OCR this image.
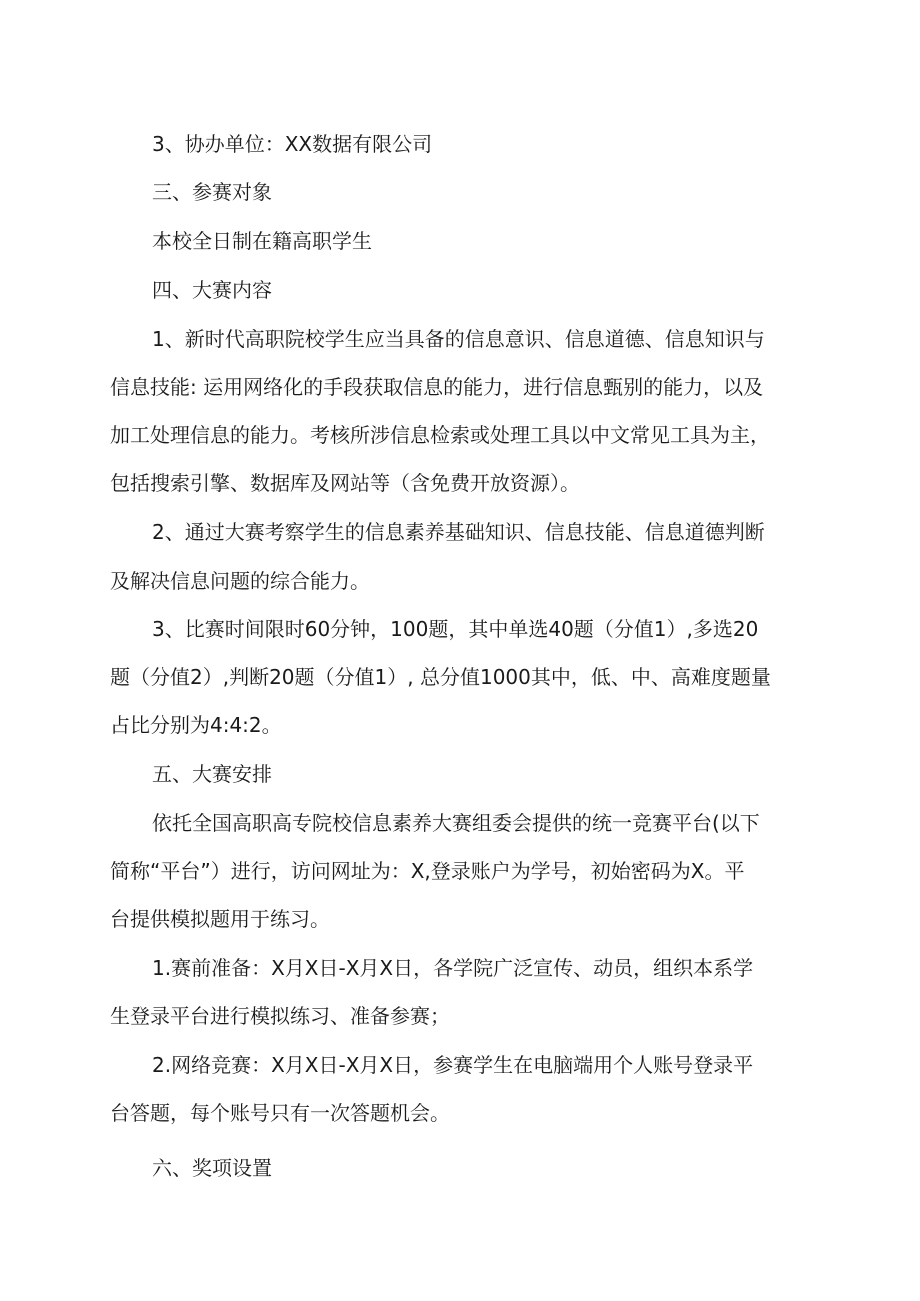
3、协办单位：XX数据有限公司
三、参赛对象
本校全日制在籍高职学生
四、大赛内容
1、新时代高职院校学生应当具备的信息意识、信息道德、信息知识与
信息技能: 运用网络化的手段获取信息的能力，进行信息甄别的能力，以及
加工处理信息的能力。考核所涉信息检索或处理工具以中文常见工具为主，
包括搜索引擎、数据库及网站等（含免费开放资源）。
2、通过大赛考察学生的信息素养基础知识、信息技能、信息道德判断
及解决信息问题的综合能力。
3、比赛时间限时60分钟，100题，其中单选40题（分值1）,多选20
题（分值2）,判断20题（分值1）, 总分值1000其中，低、中、高难度题量
占比分别为4:4:2。
五、大赛安排
依托全国高职高专院校信息素养大赛组委会提供的统一竞赛平台(以下
简称“平台”）进行，访问网址为：X,登录账户为学号，初始密码为X。平
台提供模拟题用于练习。
1.赛前准备：X月X日-X月X日，各学院广泛宣传、动员，组织本系学
生登录平台进行模拟练习、准备参赛；
2.网络竞赛：X月X日-X月X日，参赛学生在电脑端用个人账号登录平
台答题，每个账号只有一次答题机会。
六、奖项设置
